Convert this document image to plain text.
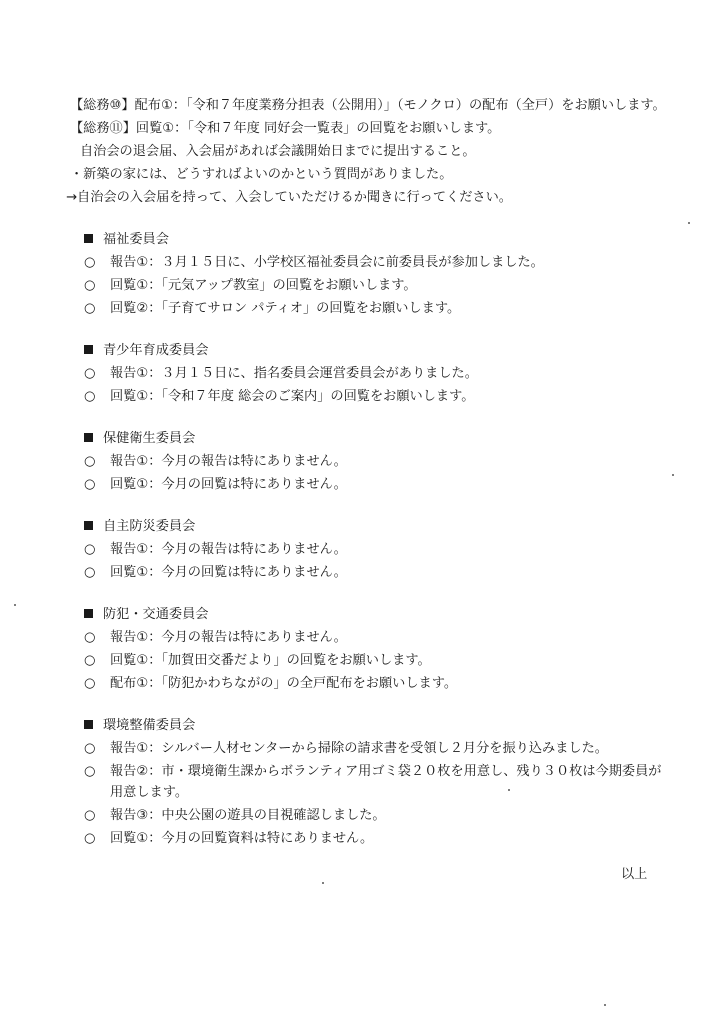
【総務⑩】配布①：「令和７年度業務分担表（公開用）」（モノクロ）の配布（全戸）をお願いします。
【総務⑪】回覧①：「令和７年度 同好会一覧表」の回覧をお願いします。
自治会の退会届、入会届があれば会議開始日までに提出すること。
・新築の家には、どうすればよいのかという質問がありました。
→自治会の入会届を持って、入会していただけるか聞きに行ってください。
福祉委員会
○ 報告①：３月１５日に、小学校区福祉委員会に前委員長が参加しました。
○ 回覧①：「元気アップ教室」の回覧をお願いします。
○ 回覧②：「子育てサロン パティオ」の回覧をお願いします。
青少年育成委員会
○ 報告①：３月１５日に、指名委員会運営委員会がありました。
○ 回覧①：「令和７年度 総会のご案内」の回覧をお願いします。
保健衛生委員会
○ 報告①：今月の報告は特にありません。
○ 回覧①：今月の回覧は特にありません。
自主防災委員会
○ 報告①：今月の報告は特にありません。
○ 回覧①：今月の回覧は特にありません。
防犯・交通委員会
○ 報告①：今月の報告は特にありません。
○ 回覧①：「加賀田交番だより」の回覧をお願いします。
○ 配布①：「防犯かわちながの」の全戸配布をお願いします。
環境整備委員会
○ 報告①：シルバー人材センターから掃除の請求書を受領し２月分を振り込みました。
○ 報告②：市・環境衛生課からボランティア用ゴミ袋２０枚を用意し、残り３０枚は今期委員が
用意します。
○ 報告③：中央公園の遊具の目視確認しました。
○ 回覧①：今月の回覧資料は特にありません。
以上
